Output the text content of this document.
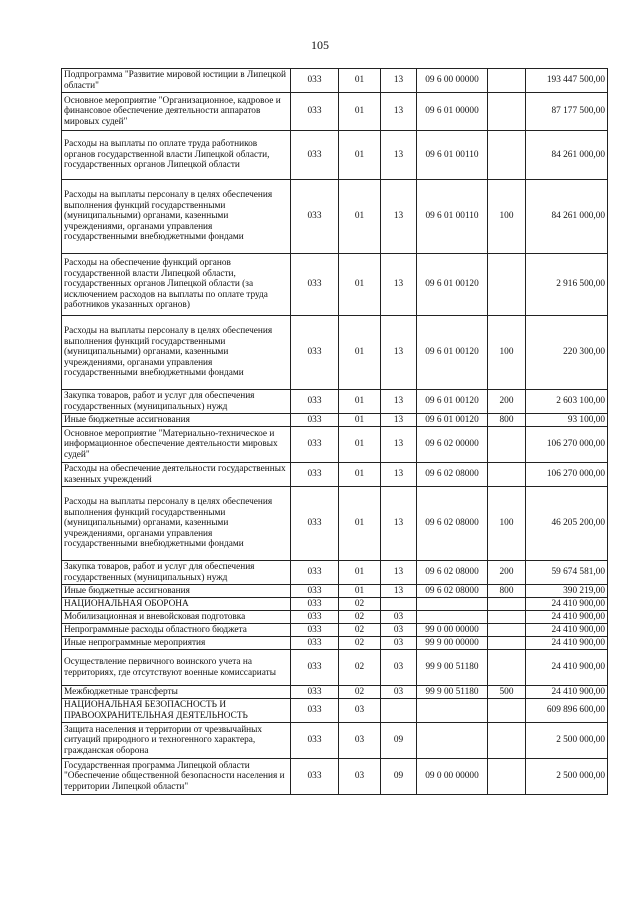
105
Подпрограмма "Развитие мировой юстиции в Липецкой области"	033	01	13	09 6 00 00000		193 447 500,00
Основное мероприятие "Организационное, кадровое и финансовое обеспечение деятельности аппаратов мировых судей"	033	01	13	09 6 01 00000		87 177 500,00
Расходы на выплаты по оплате труда работников органов государственной власти Липецкой области, государственных органов Липецкой области	033	01	13	09 6 01 00110		84 261 000,00
Расходы на выплаты персоналу в целях обеспечения выполнения функций государственными (муниципальными) органами, казенными учреждениями, органами управления государственными внебюджетными фондами	033	01	13	09 6 01 00110	100	84 261 000,00
Расходы на обеспечение функций органов государственной власти Липецкой области, государственных органов Липецкой области (за исключением расходов на выплаты по оплате труда работников указанных органов)	033	01	13	09 6 01 00120		2 916 500,00
Расходы на выплаты персоналу в целях обеспечения выполнения функций государственными (муниципальными) органами, казенными учреждениями, органами управления государственными внебюджетными фондами	033	01	13	09 6 01 00120	100	220 300,00
Закупка товаров, работ и услуг для обеспечения государственных (муниципальных) нужд	033	01	13	09 6 01 00120	200	2 603 100,00
Иные бюджетные ассигнования	033	01	13	09 6 01 00120	800	93 100,00
Основное мероприятие "Материально-техническое и информационное обеспечение деятельности мировых судей"	033	01	13	09 6 02 00000		106 270 000,00
Расходы на обеспечение деятельности государственных казенных учреждений	033	01	13	09 6 02 08000		106 270 000,00
Расходы на выплаты персоналу в целях обеспечения выполнения функций государственными (муниципальными) органами, казенными учреждениями, органами управления государственными внебюджетными фондами	033	01	13	09 6 02 08000	100	46 205 200,00
Закупка товаров, работ и услуг для обеспечения государственных (муниципальных) нужд	033	01	13	09 6 02 08000	200	59 674 581,00
Иные бюджетные ассигнования	033	01	13	09 6 02 08000	800	390 219,00
НАЦИОНАЛЬНАЯ ОБОРОНА	033	02				24 410 900,00
Мобилизационная и вневойсковая подготовка	033	02	03			24 410 900,00
Непрограммные расходы областного бюджета	033	02	03	99 0 00 00000		24 410 900,00
Иные непрограммные мероприятия	033	02	03	99 9 00 00000		24 410 900,00
Осуществление первичного воинского учета на территориях, где отсутствуют военные комиссариаты	033	02	03	99 9 00 51180		24 410 900,00
Межбюджетные трансферты	033	02	03	99 9 00 51180	500	24 410 900,00
НАЦИОНАЛЬНАЯ БЕЗОПАСНОСТЬ И ПРАВООХРАНИТЕЛЬНАЯ ДЕЯТЕЛЬНОСТЬ	033	03				609 896 600,00
Защита населения и территории от чрезвычайных ситуаций природного и техногенного характера, гражданская оборона	033	03	09			2 500 000,00
Государственная программа Липецкой области "Обеспечение общественной безопасности населения и территории Липецкой области"	033	03	09	09 0 00 00000		2 500 000,00
